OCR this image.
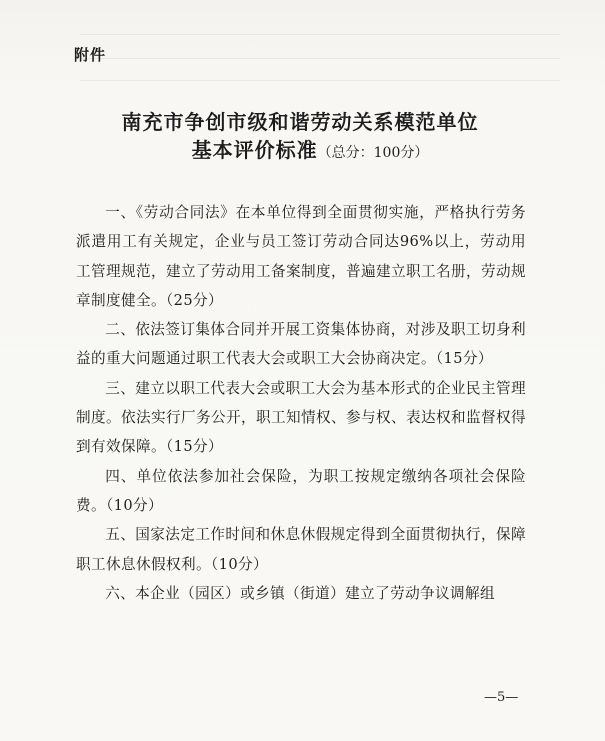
附件
南充市争创市级和谐劳动关系模范单位
基本评价标准（总分：100分）

一、《劳动合同法》在本单位得到全面贯彻实施，严格执行劳务派遣用工有关规定，企业与员工签订劳动合同达96%以上，劳动用工管理规范，建立了劳动用工备案制度，普遍建立职工名册，劳动规章制度健全。（25分）

二、依法签订集体合同并开展工资集体协商，对涉及职工切身利益的重大问题通过职工代表大会或职工大会协商决定。（15分）

三、建立以职工代表大会或职工大会为基本形式的企业民主管理制度。依法实行厂务公开，职工知情权、参与权、表达权和监督权得到有效保障。（15分）

四、单位依法参加社会保险，为职工按规定缴纳各项社会保险费。（10分）

五、国家法定工作时间和休息休假规定得到全面贯彻执行，保障职工休息休假权利。（10分）

六、本企业（园区）或乡镇（街道）建立了劳动争议调解组

—5—
